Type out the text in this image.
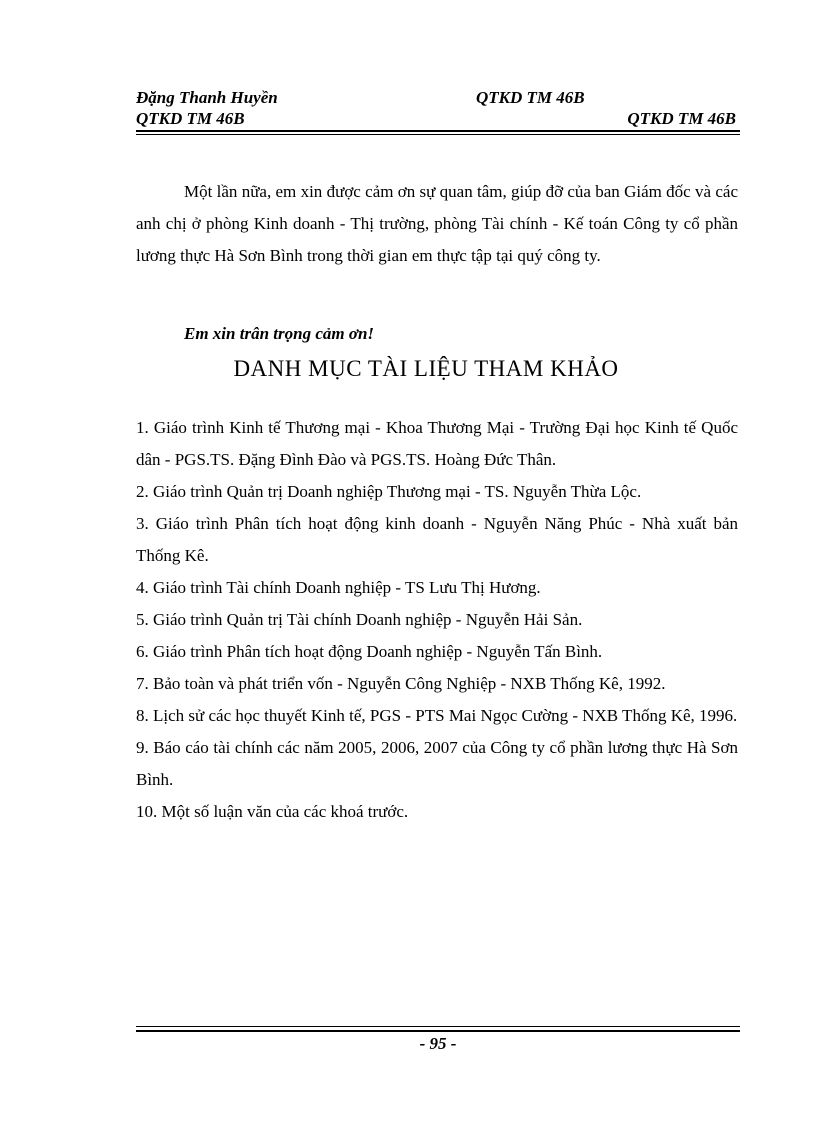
Đặng Thanh Huyền	QTKD TM 46B
QTKD TM 46B	QTKD TM 46B

Một lần nữa, em xin được cảm ơn sự quan tâm, giúp đỡ của ban Giám đốc và các anh chị ở phòng Kinh doanh - Thị trường, phòng Tài chính - Kế toán Công ty cổ phần lương thực Hà Sơn Bình trong thời gian em thực tập tại quý công ty.

Em xin trân trọng cảm ơn!
DANH MỤC TÀI LIỆU THAM KHẢO
1. Giáo trình Kinh tế Thương mại - Khoa Thương Mại - Trường Đại học Kinh tế Quốc dân - PGS.TS. Đặng Đình Đào và PGS.TS. Hoàng Đức Thân.
2. Giáo trình Quản trị Doanh nghiệp Thương mại - TS. Nguyễn Thừa Lộc.
3. Giáo trình Phân tích hoạt động kinh doanh - Nguyễn Năng Phúc - Nhà xuất bản Thống Kê.
4. Giáo trình Tài chính Doanh nghiệp - TS Lưu Thị Hương.
5. Giáo trình Quản trị Tài chính Doanh nghiệp - Nguyễn Hải Sản.
6. Giáo trình Phân tích hoạt động Doanh nghiệp - Nguyễn Tấn Bình.
7. Bảo toàn và phát triển vốn - Nguyễn Công Nghiệp - NXB Thống Kê, 1992.
8. Lịch sử các học thuyết Kinh tế, PGS - PTS Mai Ngọc Cường - NXB Thống Kê, 1996.
9. Báo cáo tài chính các năm 2005, 2006, 2007 của Công ty cổ phần lương thực Hà Sơn Bình.
10. Một số luận văn của các khoá trước.
- 95 -
